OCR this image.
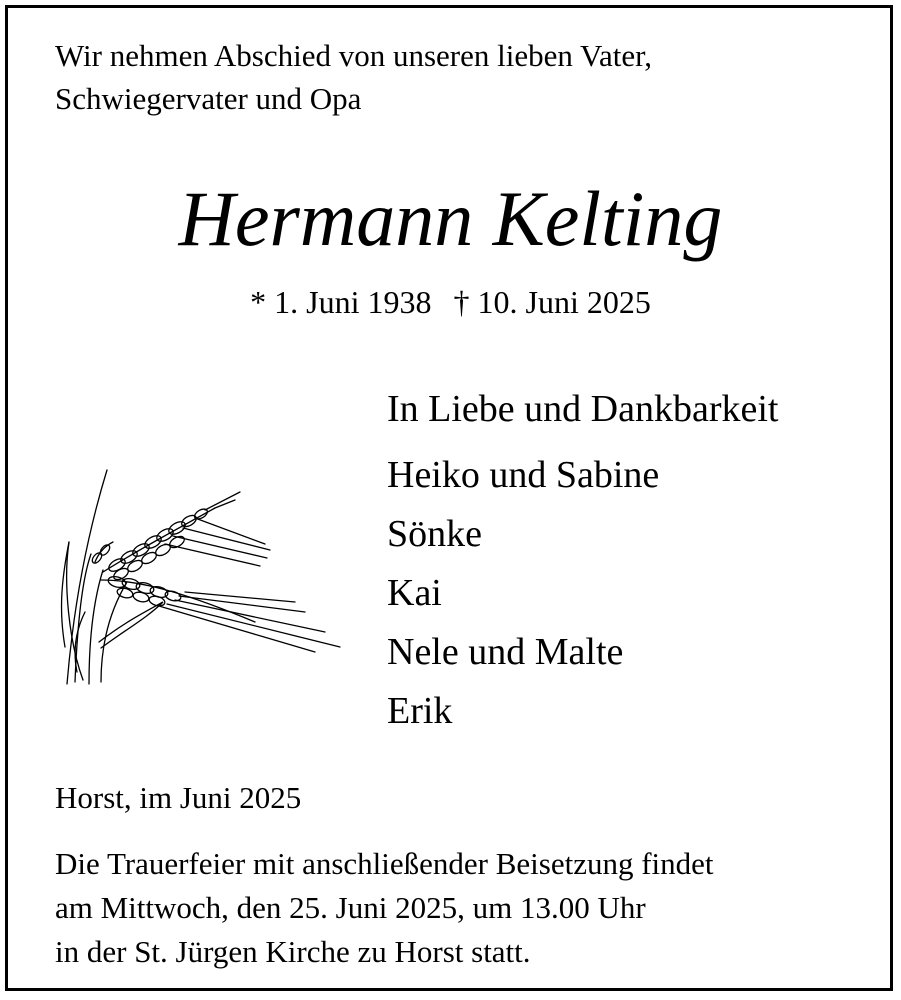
Wir nehmen Abschied von unseren lieben Vater,
Schwiegervater und Opa
Hermann Kelting
* 1. Juni 1938 † 10. Juni 2025
In Liebe und Dankbarkeit
Heiko und Sabine
Sönke
Kai
Nele und Malte
Erik
Horst, im Juni 2025
Die Trauerfeier mit anschließender Beisetzung findet
am Mittwoch, den 25. Juni 2025, um 13.00 Uhr
in der St. Jürgen Kirche zu Horst statt.
